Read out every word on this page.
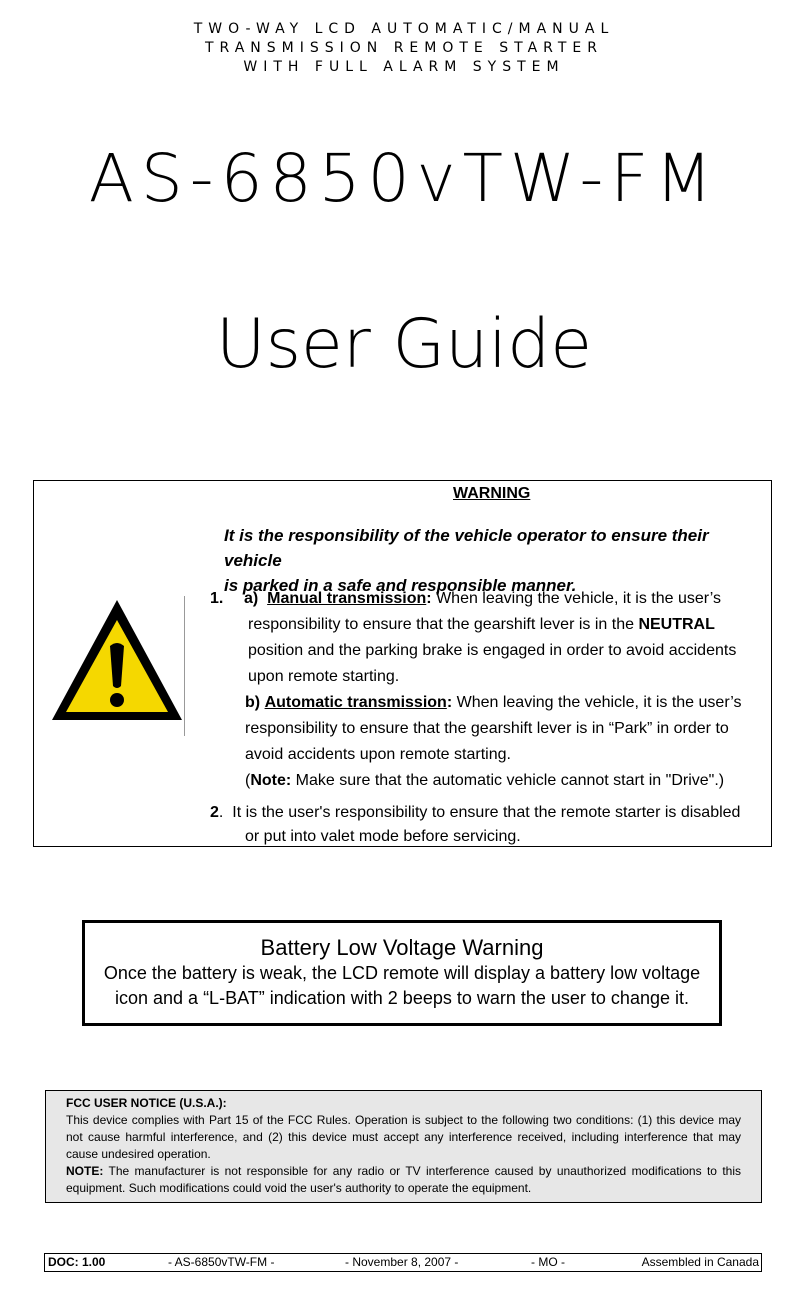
TWO-WAY LCD AUTOMATIC/MANUAL
TRANSMISSION REMOTE STARTER
WITH FULL ALARM SYSTEM
AS-6850vTW-FM
User Guide
WARNING
It is the responsibility of the vehicle operator to ensure their vehicle
is parked in a safe and responsible manner.
1. a) Manual transmission: When leaving the vehicle, it is the user’s
responsibility to ensure that the gearshift lever is in the NEUTRAL
position and the parking brake is engaged in order to avoid accidents
upon remote starting.
b) Automatic transmission: When leaving the vehicle, it is the user’s
responsibility to ensure that the gearshift lever is in “Park” in order to
avoid accidents upon remote starting.
(Note: Make sure that the automatic vehicle cannot start in "Drive".)
2.  It is the user's responsibility to ensure that the remote starter is disabled
or put into valet mode before servicing.
Battery Low Voltage Warning
Once the battery is weak, the LCD remote will display a battery low voltage
icon and a “L-BAT” indication with 2 beeps to warn the user to change it.
FCC USER NOTICE (U.S.A.):
This device complies with Part 15 of the FCC Rules. Operation is subject to the following two conditions: (1) this device may not cause harmful interference, and (2) this device must accept any interference received, including interference that may cause undesired operation.
NOTE: The manufacturer is not responsible for any radio or TV interference caused by unauthorized modifications to this equipment. Such modifications could void the user's authority to operate the equipment.
DOC: 1.00	- AS-6850vTW-FM -	- November 8, 2007 -	- MO -	Assembled in Canada
